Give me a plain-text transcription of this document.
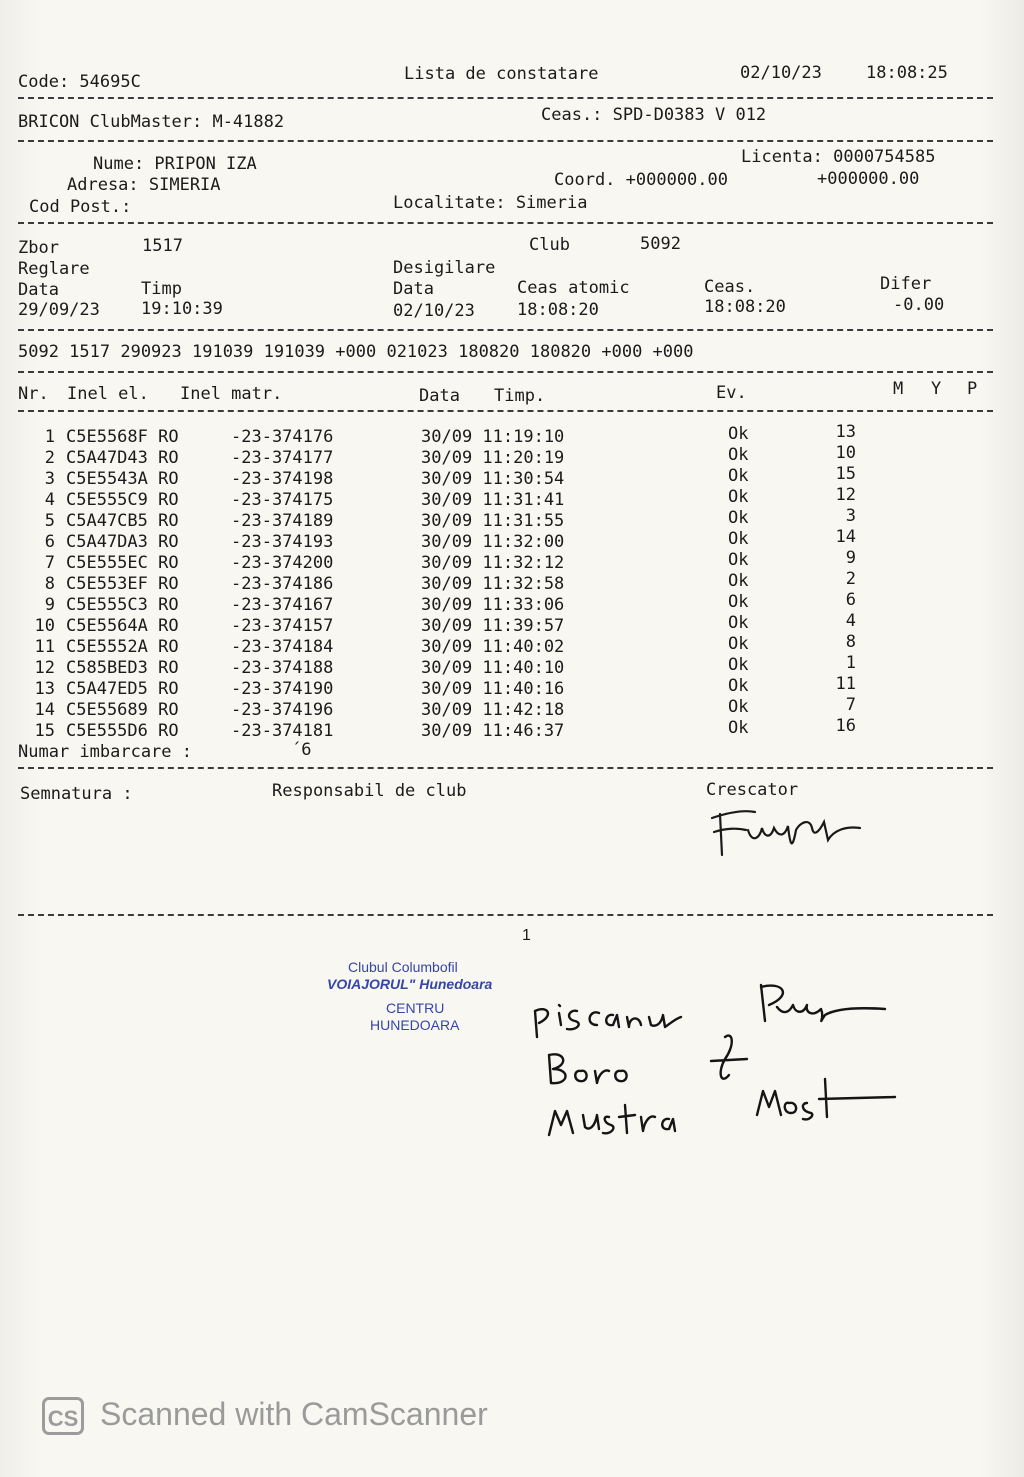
Code: 54695C	Lista de constatare	02/10/23	18:08:25
BRICON ClubMaster: M-41882	Ceas.: SPD-D0383 V 012
Nume: PRIPON IZA	Licenta: 0000754585
Adresa: SIMERIA	Coord. +000000.00	+000000.00
Cod Post.:	Localitate: Simeria
Zbor	1517	Club	5092
Reglare	Desigilare
Data	Timp	Data	Ceas atomic	Ceas.	Difer
29/09/23 19:10:39	02/10/23 18:08:20	18:08:20	-0.00
5092 1517 290923 191039 191039 +000 021023 180820 180820 +000 +000
Nr. Inel el. Inel matr.	Data Timp.	Ev.	M Y P
1 C5E5568F RO	-23-374176	30/09 11:19:10	Ok	13
2 C5A47D43 RO	-23-374177	30/09 11:20:19	Ok	10
3 C5E5543A RO	-23-374198	30/09 11:30:54	Ok	15
4 C5E555C9 RO	-23-374175	30/09 11:31:41	Ok	12
5 C5A47CB5 RO	-23-374189	30/09 11:31:55	Ok	3
6 C5A47DA3 RO	-23-374193	30/09 11:32:00	Ok	14
7 C5E555EC RO	-23-374200	30/09 11:32:12	Ok	9
8 C5E553EF RO	-23-374186	30/09 11:32:58	Ok	2
9 C5E555C3 RO	-23-374167	30/09 11:33:06	Ok	6
10 C5E5564A RO	-23-374157	30/09 11:39:57	Ok	4
11 C5E5552A RO	-23-374184	30/09 11:40:02	Ok	8
12 C585BED3 RO	-23-374188	30/09 11:40:10	Ok	1
13 C5A47ED5 RO	-23-374190	30/09 11:40:16	Ok	11
14 C5E55689 RO	-23-374196	30/09 11:42:18	Ok	7
15 C5E555D6 RO	-23-374181	30/09 11:46:37	Ok	16
Numar imbarcare :	´6
Semnatura :	Responsabil de club	Crescator
1
Clubul Columbofil
VOIAJORUL" Hunedoara
CENTRU
HUNEDOARA
CS Scanned with CamScanner
